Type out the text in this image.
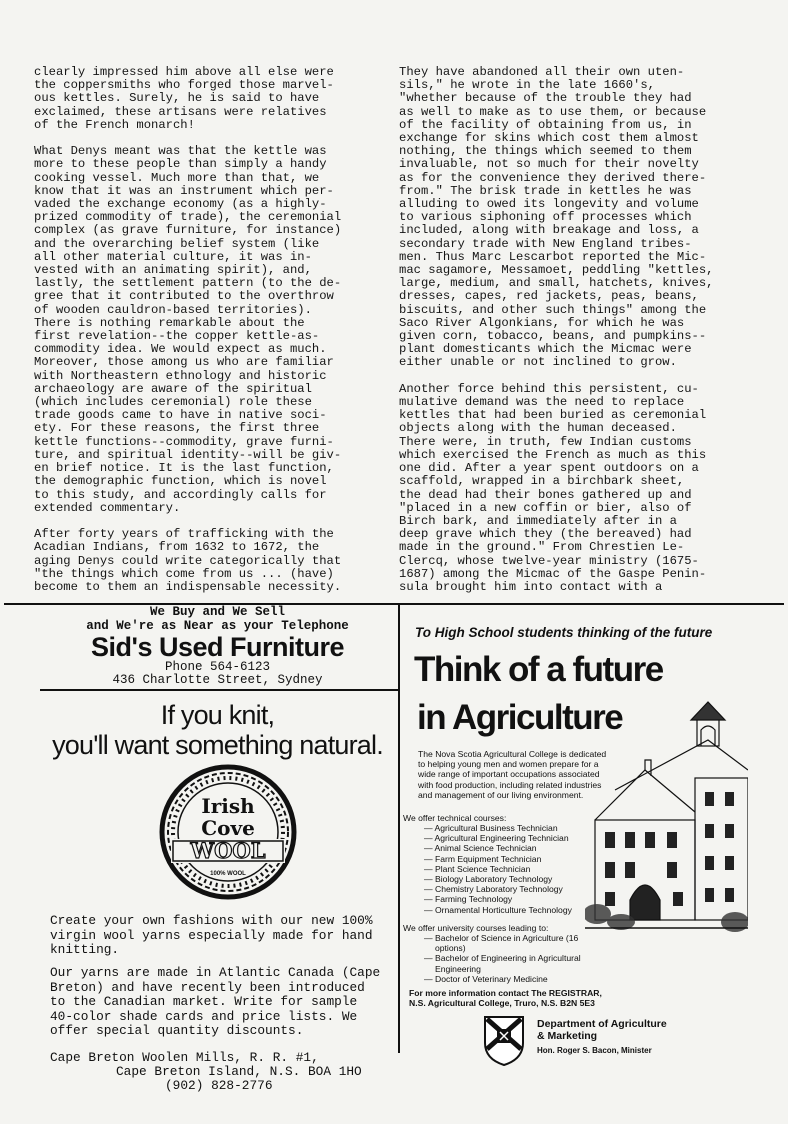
clearly impressed him above all else were
the coppersmiths who forged those marvel-
ous kettles. Surely, he is said to have
exclaimed, these artisans were relatives
of the French monarch!

What Denys meant was that the kettle was
more to these people than simply a handy
cooking vessel. Much more than that, we
know that it was an instrument which per-
vaded the exchange economy (as a highly-
prized commodity of trade), the ceremonial
complex (as grave furniture, for instance)
and the overarching belief system (like
all other material culture, it was in-
vested with an animating spirit), and,
lastly, the settlement pattern (to the de-
gree that it contributed to the overthrow
of wooden cauldron-based territories).
There is nothing remarkable about the
first revelation--the copper kettle-as-
commodity idea. We would expect as much.
Moreover, those among us who are familiar
with Northeastern ethnology and historic
archaeology are aware of the spiritual
(which includes ceremonial) role these
trade goods came to have in native soci-
ety. For these reasons, the first three
kettle functions--commodity, grave furni-
ture, and spiritual identity--will be giv-
en brief notice. It is the last function,
the demographic function, which is novel
to this study, and accordingly calls for
extended commentary.

After forty years of trafficking with the
Acadian Indians, from 1632 to 1672, the
aging Denys could write categorically that
"the things which come from us ... (have)
become to them an indispensable necessity.
They have abandoned all their own uten-
sils," he wrote in the late 1660's,
"whether because of the trouble they had
as well to make as to use them, or because
of the facility of obtaining from us, in
exchange for skins which cost them almost
nothing, the things which seemed to them
invaluable, not so much for their novelty
as for the convenience they derived there-
from." The brisk trade in kettles he was
alluding to owed its longevity and volume
to various siphoning off processes which
included, along with breakage and loss, a
secondary trade with New England tribes-
men. Thus Marc Lescarbot reported the Mic-
mac sagamore, Messamoet, peddling "kettles,
large, medium, and small, hatchets, knives,
dresses, capes, red jackets, peas, beans,
biscuits, and other such things" among the
Saco River Algonkians, for which he was
given corn, tobacco, beans, and pumpkins--
plant domesticants which the Micmac were
either unable or not inclined to grow.

Another force behind this persistent, cu-
mulative demand was the need to replace
kettles that had been buried as ceremonial
objects along with the human deceased.
There were, in truth, few Indian customs
which exercised the French as much as this
one did. After a year spent outdoors on a
scaffold, wrapped in a birchbark sheet,
the dead had their bones gathered up and
"placed in a new coffin or bier, also of
Birch bark, and immediately after in a
deep grave which they (the bereaved) had
made in the ground." From Chrestien Le-
Clercq, whose twelve-year ministry (1675-
1687) among the Micmac of the Gaspe Penin-
sula brought him into contact with a
We Buy and We Sell
and We're as Near as your Telephone
Sid's Used Furniture
Phone 564-6123
436 Charlotte Street, Sydney
If you knit,
you'll want something natural.
Irish
Cove
WOOL
100% WOOL
Create your own fashions with our new 100%
virgin wool yarns especially made for hand
knitting.
Our yarns are made in Atlantic Canada (Cape
Breton) and have recently been introduced
to the Canadian market. Write for sample
40-color shade cards and price lists. We
offer special quantity discounts.
Cape Breton Woolen Mills, R. R. #1,
Cape Breton Island, N.S. BOA 1HO
(902) 828-2776
To High School students thinking of the future
Think of a future
in Agriculture
The Nova Scotia Agricultural College is dedicated
to helping young men and women prepare for a
wide range of important occupations associated
with food production, including related industries
and management of our living environment.
We offer technical courses:
— Agricultural Business Technician
— Agricultural Engineering Technician
— Animal Science Technician
— Farm Equipment Technician
— Plant Science Technician
— Biology Laboratory Technology
— Chemistry Laboratory Technology
— Farming Technology
— Ornamental Horticulture Technology
We offer university courses leading to:
— Bachelor of Science in Agriculture (16
options)
— Bachelor of Engineering in Agricultural
Engineering
— Doctor of Veterinary Medicine
For more information contact The REGISTRAR,
N.S. Agricultural College, Truro, N.S. B2N 5E3
Department of Agriculture
& Marketing
Hon. Roger S. Bacon, Minister
